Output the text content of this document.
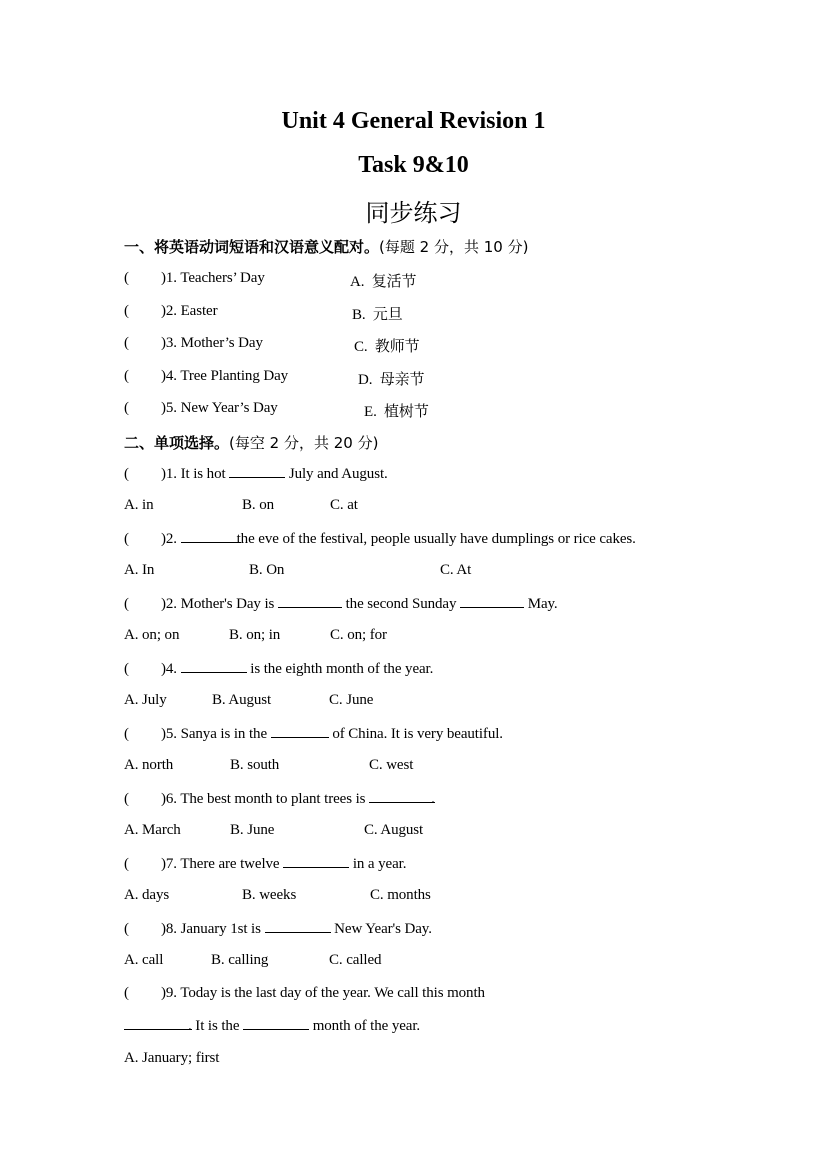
Unit 4 General Revision 1
Task 9&10
同步练习
一、将英语动词短语和汉语意义配对。(每题 2 分，共 10 分)
( )1. Teachers’ Day	A. 复活节
( )2. Easter	B. 元旦
( )3. Mother’s Day	C. 教师节
( )4. Tree Planting Day	D. 母亲节
( )5. New Year’s Day	E. 植树节
二、单项选择。(每空 2 分，共 20 分)
( )1. It is hot	July and August.
A. in	B. on	C. at
( )2.	the eve of the festival, people usually have dumplings or rice cakes.
A. In	B. On	C. At
( )2. Mother's Day is	the second Sunday	May.
A. on; on	B. on; in	C. on; for
( )4.	is the eighth month of the year.
A. July	B. August	C. June
( )5. Sanya is in the	of China. It is very beautiful.
A. north	B. south	C. west
( )6. The best month to plant trees is	.
A. March	B. June	C. August
( )7. There are twelve	in a year.
A. days	B. weeks	C. months
( )8. January 1st is	New Year's Day.
A. call	B. calling	C. called
( )9. Today is the last day of the year. We call this month
. It is the	month of the year.
A. January; first
